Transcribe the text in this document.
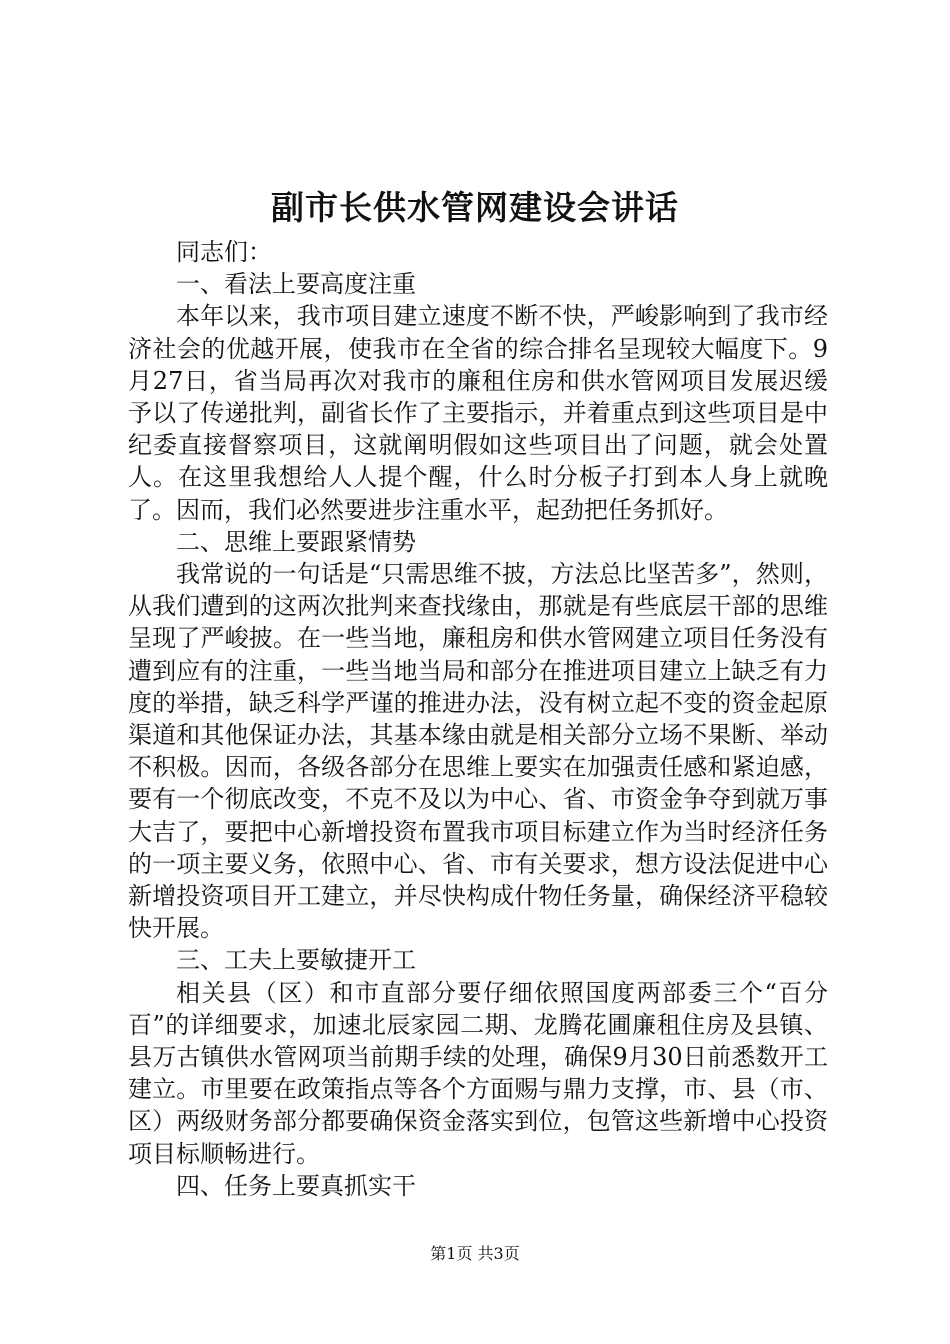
副市长供水管网建设会讲话

同志们：

一、看法上要高度注重

本年以来，我市项目建立速度不断不快，严峻影响到了我市经济社会的优越开展，使我市在全省的综合排名呈现较大幅度下。9月27日，省当局再次对我市的廉租住房和供水管网项目发展迟缓予以了传递批判，副省长作了主要指示，并着重点到这些项目是中纪委直接督察项目，这就阐明假如这些项目出了问题，就会处置人。在这里我想给人人提个醒，什么时分板子打到本人身上就晚了。因而，我们必然要进步注重水平，起劲把任务抓好。

二、思维上要跟紧情势

我常说的一句话是“只需思维不披，方法总比坚苦多”，然则，从我们遭到的这两次批判来查找缘由，那就是有些底层干部的思维呈现了严峻披。在一些当地，廉租房和供水管网建立项目任务没有遭到应有的注重，一些当地当局和部分在推进项目建立上缺乏有力度的举措，缺乏科学严谨的推进办法，没有树立起不变的资金起原渠道和其他保证办法，其基本缘由就是相关部分立场不果断、举动不积极。因而，各级各部分在思维上要实在加强责任感和紧迫感，要有一个彻底改变，不克不及以为中心、省、市资金争夺到就万事大吉了，要把中心新增投资布置我市项目标建立作为当时经济任务的一项主要义务，依照中心、省、市有关要求，想方设法促进中心新增投资项目开工建立，并尽快构成什物任务量，确保经济平稳较快开展。

三、工夫上要敏捷开工

相关县（区）和市直部分要仔细依照国度两部委三个“百分百”的详细要求，加速北辰家园二期、龙腾花圃廉租住房及县镇、县万古镇供水管网项当前期手续的处理，确保9月30日前悉数开工建立。市里要在政策指点等各个方面赐与鼎力支撑，市、县（市、区）两级财务部分都要确保资金落实到位，包管这些新增中心投资项目标顺畅进行。

四、任务上要真抓实干

第1页 共3页
